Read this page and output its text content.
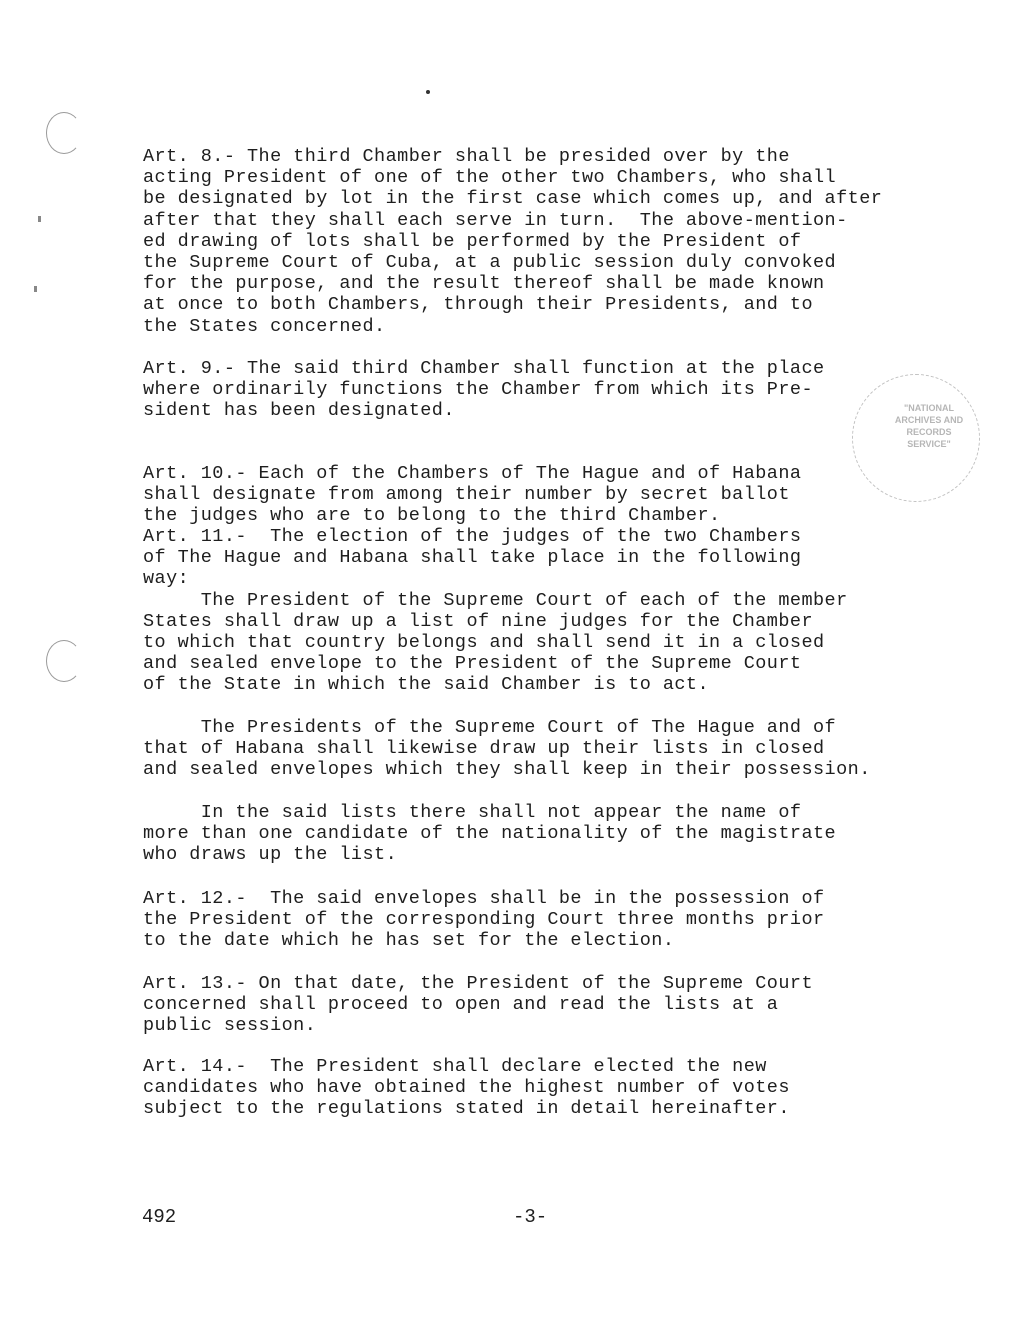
"NATIONAL
ARCHIVES AND
RECORDS
SERVICE"
Art. 8.- The third Chamber shall be presided over by the
acting President of one of the other two Chambers, who shall
be designated by lot in the first case which comes up, and after
after that they shall each serve in turn.  The above-mention-
ed drawing of lots shall be performed by the President of
the Supreme Court of Cuba, at a public session duly convoked
for the purpose, and the result thereof shall be made known
at once to both Chambers, through their Presidents, and to
the States concerned.
Art. 9.- The said third Chamber shall function at the place
where ordinarily functions the Chamber from which its Pre-
sident has been designated.
Art. 10.- Each of the Chambers of The Hague and of Habana
shall designate from among their number by secret ballot
the judges who are to belong to the third Chamber.
Art. 11.-  The election of the judges of the two Chambers
of The Hague and Habana shall take place in the following
way:
The President of the Supreme Court of each of the member
States shall draw up a list of nine judges for the Chamber
to which that country belongs and shall send it in a closed
and sealed envelope to the President of the Supreme Court
of the State in which the said Chamber is to act.
The Presidents of the Supreme Court of The Hague and of
that of Habana shall likewise draw up their lists in closed
and sealed envelopes which they shall keep in their possession.
In the said lists there shall not appear the name of
more than one candidate of the nationality of the magistrate
who draws up the list.
Art. 12.-  The said envelopes shall be in the possession of
the President of the corresponding Court three months prior
to the date which he has set for the election.
Art. 13.- On that date, the President of the Supreme Court
concerned shall proceed to open and read the lists at a
public session.
Art. 14.-  The President shall declare elected the new
candidates who have obtained the highest number of votes
subject to the regulations stated in detail hereinafter.
492	-3-
